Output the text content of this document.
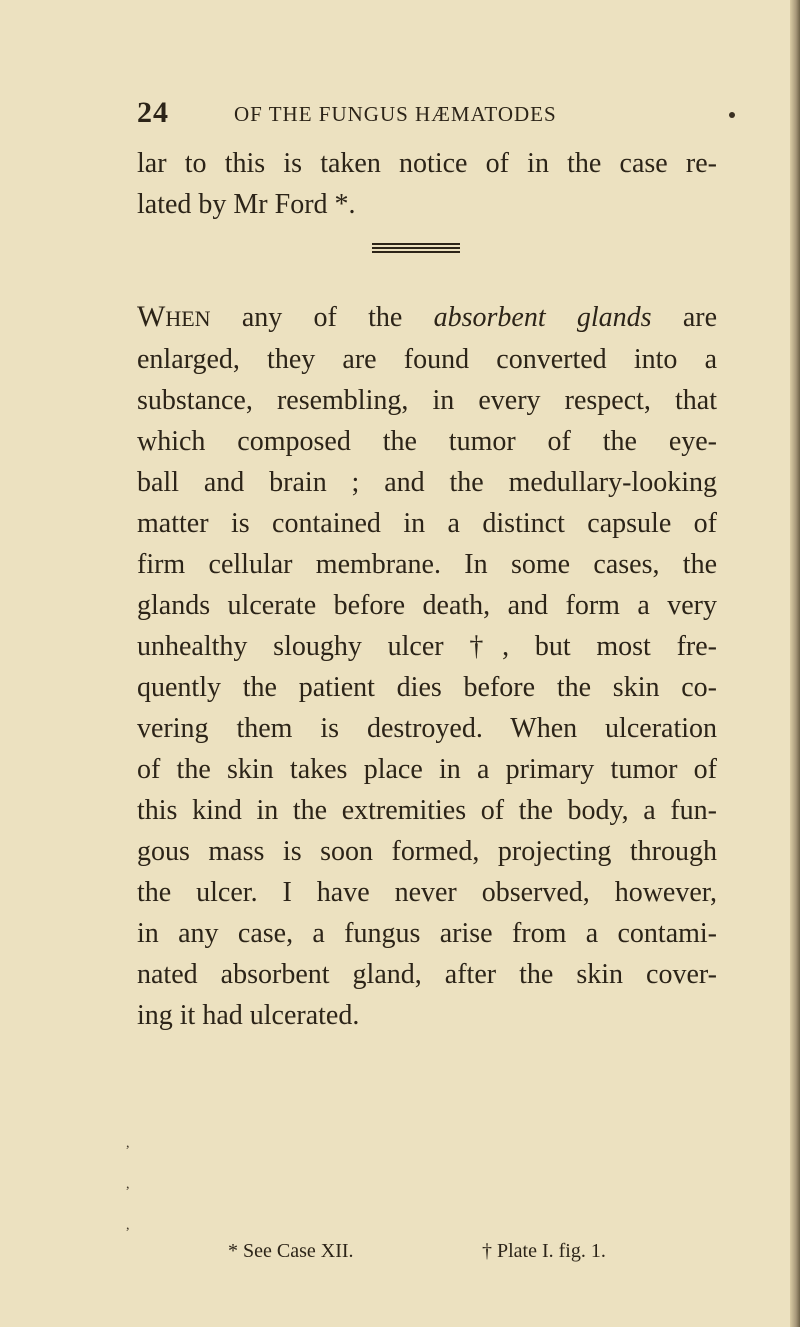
24	OF THE FUNGUS HÆMATODES
lar to this is taken notice of in the case re-
lated by Mr Ford *.
WHEN any of the absorbent glands are
enlarged, they are found converted into a
substance, resembling, in every respect, that
which composed the tumor of the eye-
ball and brain ; and the medullary-looking
matter is contained in a distinct capsule of
firm cellular membrane. In some cases, the
glands ulcerate before death, and form a very
unhealthy sloughy ulcer †, but most fre-
quently the patient dies before the skin co-
vering them is destroyed. When ulceration
of the skin takes place in a primary tumor of
this kind in the extremities of the body, a fun-
gous mass is soon formed, projecting through
the ulcer. I have never observed, however,
in any case, a fungus arise from a contami-
nated absorbent gland, after the skin cover-
ing it had ulcerated.
,
,
,
* See Case XII.	† Plate I. fig. 1.
